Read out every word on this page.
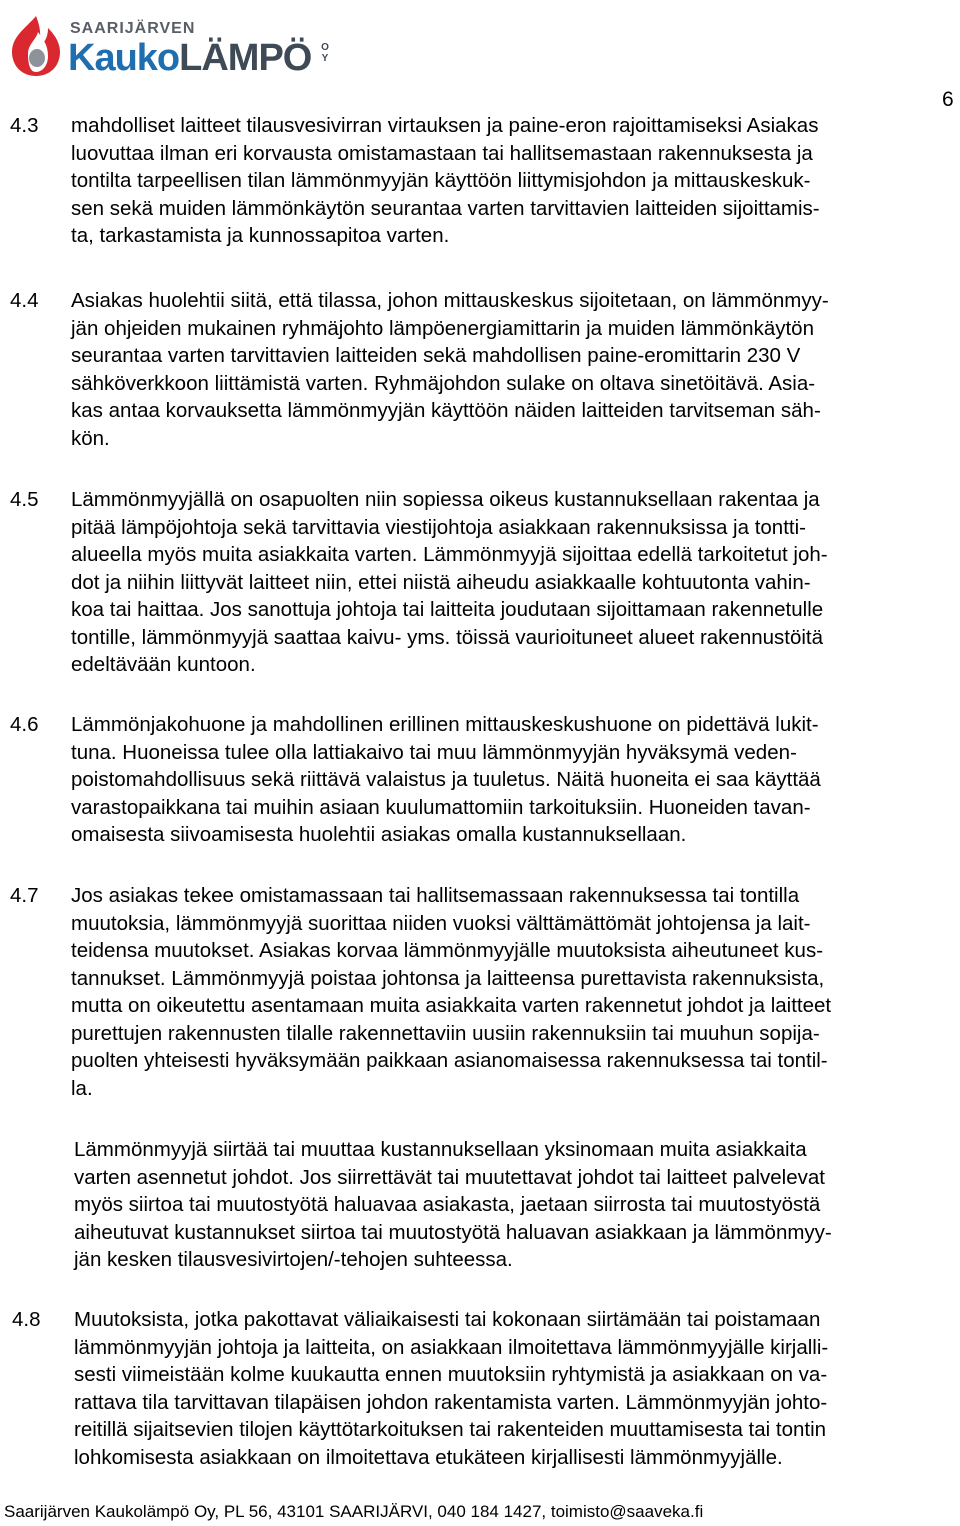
SAARIJÄRVEN
KaukoLÄMPÖ O
Y
6
4.3 mahdolliset laitteet tilausvesivirran virtauksen ja paine-eron rajoittamiseksi Asiakas
luovuttaa ilman eri korvausta omistamastaan tai hallitsemastaan rakennuksesta ja
tontilta tarpeellisen tilan lämmönmyyjän käyttöön liittymisjohdon ja mittauskeskuk-
sen sekä muiden lämmönkäytön seurantaa varten tarvittavien laitteiden sijoittamis-
ta, tarkastamista ja kunnossapitoa varten.
4.4 Asiakas huolehtii siitä, että tilassa, johon mittauskeskus sijoitetaan, on lämmönmyy-
jän ohjeiden mukainen ryhmäjohto lämpöenergiamittarin ja muiden lämmönkäytön
seurantaa varten tarvittavien laitteiden sekä mahdollisen paine-eromittarin 230 V
sähköverkkoon liittämistä varten. Ryhmäjohdon sulake on oltava sinetöitävä. Asia-
kas antaa korvauksetta lämmönmyyjän käyttöön näiden laitteiden tarvitseman säh-
kön.
4.5 Lämmönmyyjällä on osapuolten niin sopiessa oikeus kustannuksellaan rakentaa ja
pitää lämpöjohtoja sekä tarvittavia viestijohtoja asiakkaan rakennuksissa ja tontti-
alueella myös muita asiakkaita varten. Lämmönmyyjä sijoittaa edellä tarkoitetut joh-
dot ja niihin liittyvät laitteet niin, ettei niistä aiheudu asiakkaalle kohtuutonta vahin-
koa tai haittaa. Jos sanottuja johtoja tai laitteita joudutaan sijoittamaan rakennetulle
tontille, lämmönmyyjä saattaa kaivu- yms. töissä vaurioituneet alueet rakennustöitä
edeltävään kuntoon.
4.6 Lämmönjakohuone ja mahdollinen erillinen mittauskeskushuone on pidettävä lukit-
tuna. Huoneissa tulee olla lattiakaivo tai muu lämmönmyyjän hyväksymä veden-
poistomahdollisuus sekä riittävä valaistus ja tuuletus. Näitä huoneita ei saa käyttää
varastopaikkana tai muihin asiaan kuulumattomiin tarkoituksiin. Huoneiden tavan-
omaisesta siivoamisesta huolehtii asiakas omalla kustannuksellaan.
4.7 Jos asiakas tekee omistamassaan tai hallitsemassaan rakennuksessa tai tontilla
muutoksia, lämmönmyyjä suorittaa niiden vuoksi välttämättömät johtojensa ja lait-
teidensa muutokset. Asiakas korvaa lämmönmyyjälle muutoksista aiheutuneet kus-
tannukset. Lämmönmyyjä poistaa johtonsa ja laitteensa purettavista rakennuksista,
mutta on oikeutettu asentamaan muita asiakkaita varten rakennetut johdot ja laitteet
purettujen rakennusten tilalle rakennettaviin uusiin rakennuksiin tai muuhun sopija-
puolten yhteisesti hyväksymään paikkaan asianomaisessa rakennuksessa tai tontil-
la.
Lämmönmyyjä siirtää tai muuttaa kustannuksellaan yksinomaan muita asiakkaita
varten asennetut johdot. Jos siirrettävät tai muutettavat johdot tai laitteet palvelevat
myös siirtoa tai muutostyötä haluavaa asiakasta, jaetaan siirrosta tai muutostyöstä
aiheutuvat kustannukset siirtoa tai muutostyötä haluavan asiakkaan ja lämmönmyy-
jän kesken tilausvesivirtojen/-tehojen suhteessa.
4.8 Muutoksista, jotka pakottavat väliaikaisesti tai kokonaan siirtämään tai poistamaan
lämmönmyyjän johtoja ja laitteita, on asiakkaan ilmoitettava lämmönmyyjälle kirjalli-
sesti viimeistään kolme kuukautta ennen muutoksiin ryhtymistä ja asiakkaan on va-
rattava tila tarvittavan tilapäisen johdon rakentamista varten. Lämmönmyyjän johto-
reitillä sijaitsevien tilojen käyttötarkoituksen tai rakenteiden muuttamisesta tai tontin
lohkomisesta asiakkaan on ilmoitettava etukäteen kirjallisesti lämmönmyyjälle.
Saarijärven Kaukolämpö Oy, PL 56, 43101 SAARIJÄRVI, 040 184 1427, toimisto@saaveka.fi
